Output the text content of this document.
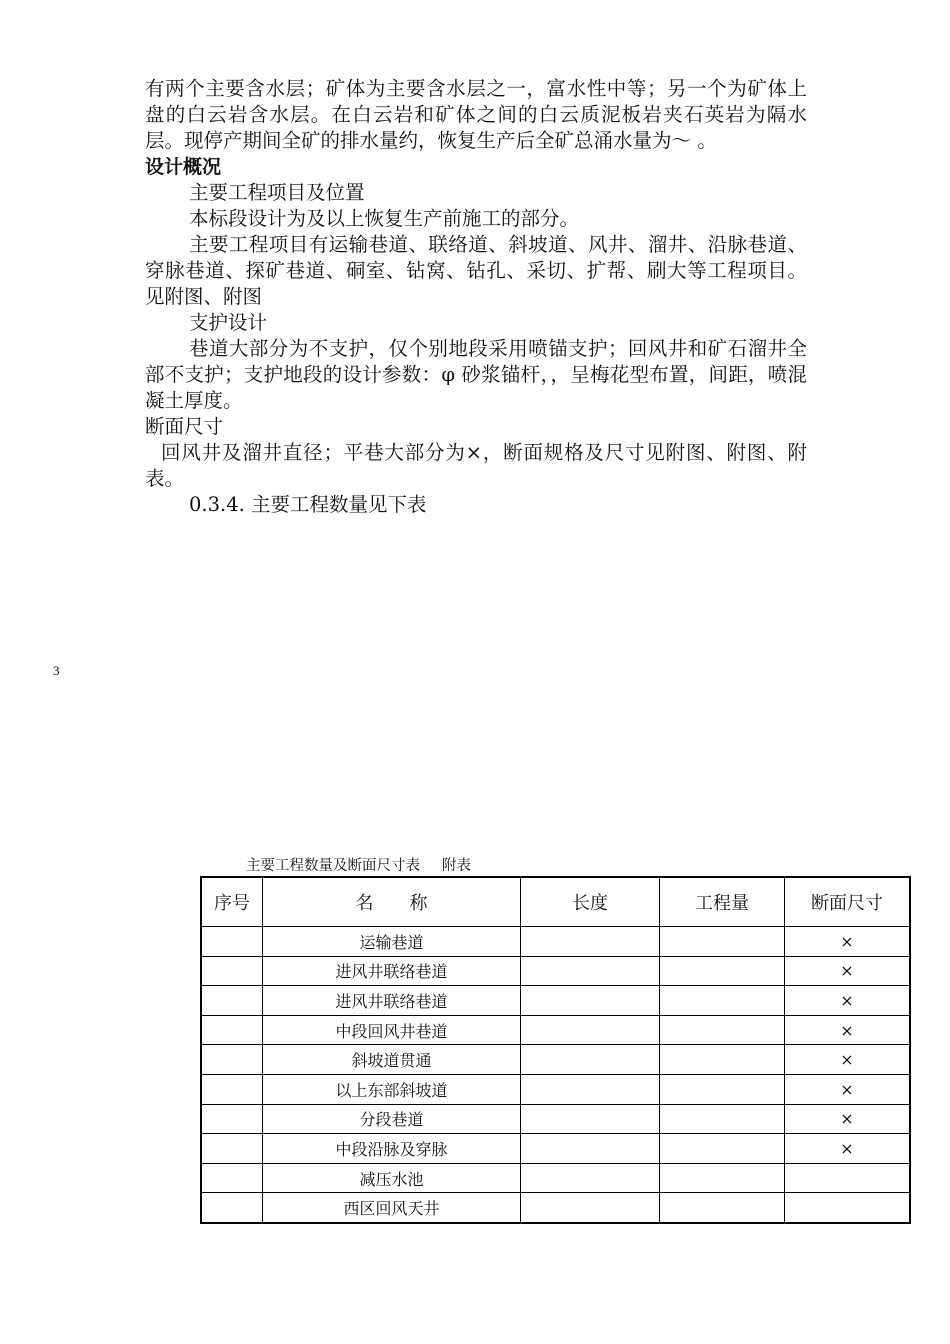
有两个主要含水层；矿体为主要含水层之一，富水性中等；另一个为矿体上盘的白云岩含水层。在白云岩和矿体之间的白云质泥板岩夹石英岩为隔水层。现停产期间全矿的排水量约，恢复生产后全矿总涌水量为～ 。

设计概况

主要工程项目及位置

本标段设计为及以上恢复生产前施工的部分。

主要工程项目有运输巷道、联络道、斜坡道、风井、溜井、沿脉巷道、穿脉巷道、探矿巷道、硐室、钻窝、钻孔、采切、扩帮、刷大等工程项目。见附图、附图

支护设计

巷道大部分为不支护，仅个别地段采用喷锚支护；回风井和矿石溜井全部不支护；支护地段的设计参数：φ 砂浆锚杆，，呈梅花型布置，间距，喷混凝土厚度。

断面尺寸

回风井及溜井直径；平巷大部分为×，断面规格及尺寸见附图、附图、附表。

0.3.4. 主要工程数量见下表

3
主要工程数量及断面尺寸表 附表
序号	名　　称	长度	工程量	断面尺寸
	运输巷道			×
	进风井联络巷道			×
	进风井联络巷道			×
	中段回风井巷道			×
	斜坡道贯通			×
	以上东部斜坡道			×
	分段巷道			×
	中段沿脉及穿脉			×
	减压水池			
	西区回风天井			
